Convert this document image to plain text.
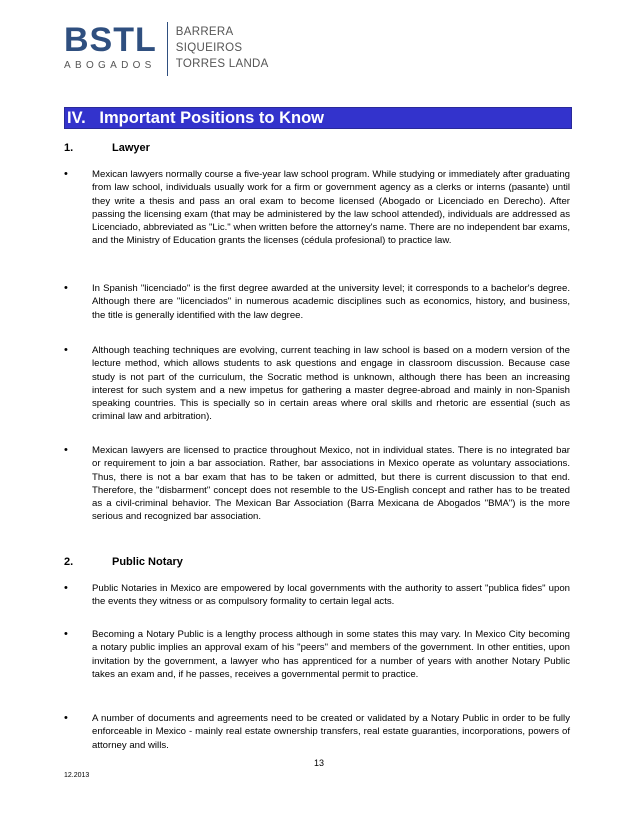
BSTL
ABOGADOS
BARRERA
SIQUEIROS
TORRES LANDA
IV.   Important Positions to Know
1.	Lawyer
•	Mexican lawyers normally course a five-year law school program. While studying or immediately after graduating from law school, individuals usually work for a firm or government agency as a clerks or interns (pasante) until they write a thesis and pass an oral exam to become licensed (Abogado or Licenciado en Derecho). After passing the licensing exam (that may be administered by the law school attended), individuals are addressed as Licenciado, abbreviated as "Lic." when written before the attorney's name. There are no independent bar exams, and the Ministry of Education grants the licenses (cédula profesional) to practice law.
•	In Spanish "licenciado" is the first degree awarded at the university level; it corresponds to a bachelor's degree. Although there are "licenciados" in numerous academic disciplines such as economics, history, and business, the title is generally identified with the law degree.
•	Although teaching techniques are evolving, current teaching in law school is based on a modern version of the lecture method, which allows students to ask questions and engage in classroom discussion. Because case study is not part of the curriculum, the Socratic method is unknown, although there has been an increasing interest for such system and a new impetus for gathering a master degree-abroad and mainly in non-Spanish speaking countries. This is specially so in certain areas where oral skills and rhetoric are essential (such as criminal law and arbitration).
•	Mexican lawyers are licensed to practice throughout Mexico, not in individual states. There is no integrated bar or requirement to join a bar association. Rather, bar associations in Mexico operate as voluntary associations. Thus, there is not a bar exam that has to be taken or admitted, but there is current discussion to that end. Therefore, the "disbarment" concept does not resemble to the US-English concept and rather has to be treated as a civil-criminal behavior. The Mexican Bar Association (Barra Mexicana de Abogados "BMA") is the more serious and recognized bar association.
2.	Public Notary
•	Public Notaries in Mexico are empowered by local governments with the authority to assert "publica fides" upon the events they witness or as compulsory formality to certain legal acts.
•	Becoming a Notary Public is a lengthy process although in some states this may vary. In Mexico City becoming a notary public implies an approval exam of his "peers" and members of the government. In other entities, upon invitation by the government, a lawyer who has apprenticed for a number of years with another Notary Public takes an exam and, if he passes, receives a governmental permit to practice.
•	A number of documents and agreements need to be created or validated by a Notary Public in order to be fully enforceable in Mexico - mainly real estate ownership transfers, real estate guaranties, incorporations, powers of attorney and wills.
13
12.2013
